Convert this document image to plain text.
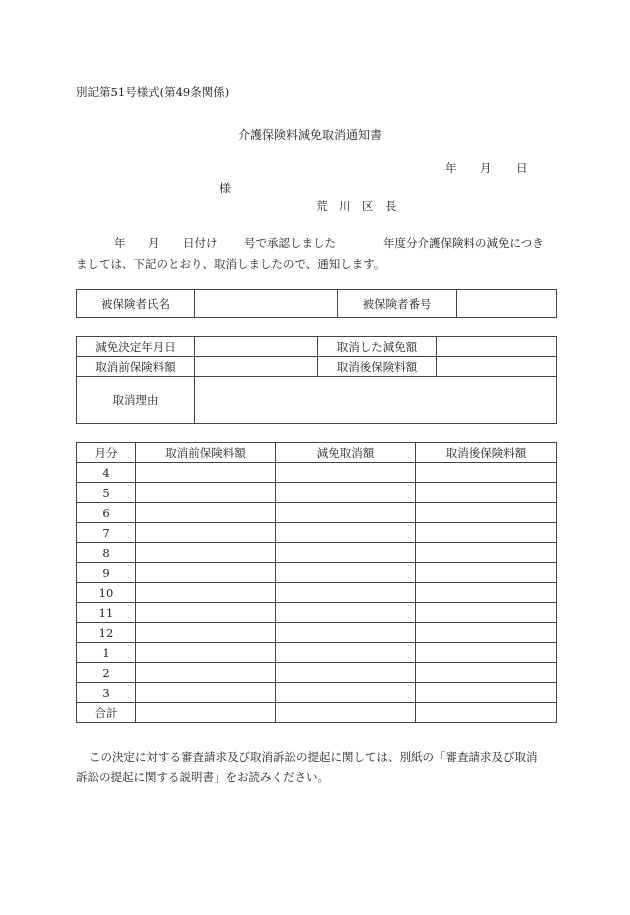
別記第51号様式(第49条関係)
介護保険料減免取消通知書
年 月 日
様
荒　川　区　長
年 月 日付け 号で承認しました	年度分介護保険料の減免につき
ましては、下記のとおり、取消しましたので、通知します。
被保険者氏名		被保険者番号	
減免決定年月日		取消した減免額	
取消前保険料額		取消後保険料額	
取消理由			
月分	取消前保険料額	減免取消額	取消後保険料額
4			
5			
6			
7			
8			
9			
10			
11			
12			
1			
2			
3			
合計			
この決定に対する審査請求及び取消訴訟の提起に関しては、別紙の「審査請求及び取消
訴訟の提起に関する説明書」をお読みください。
